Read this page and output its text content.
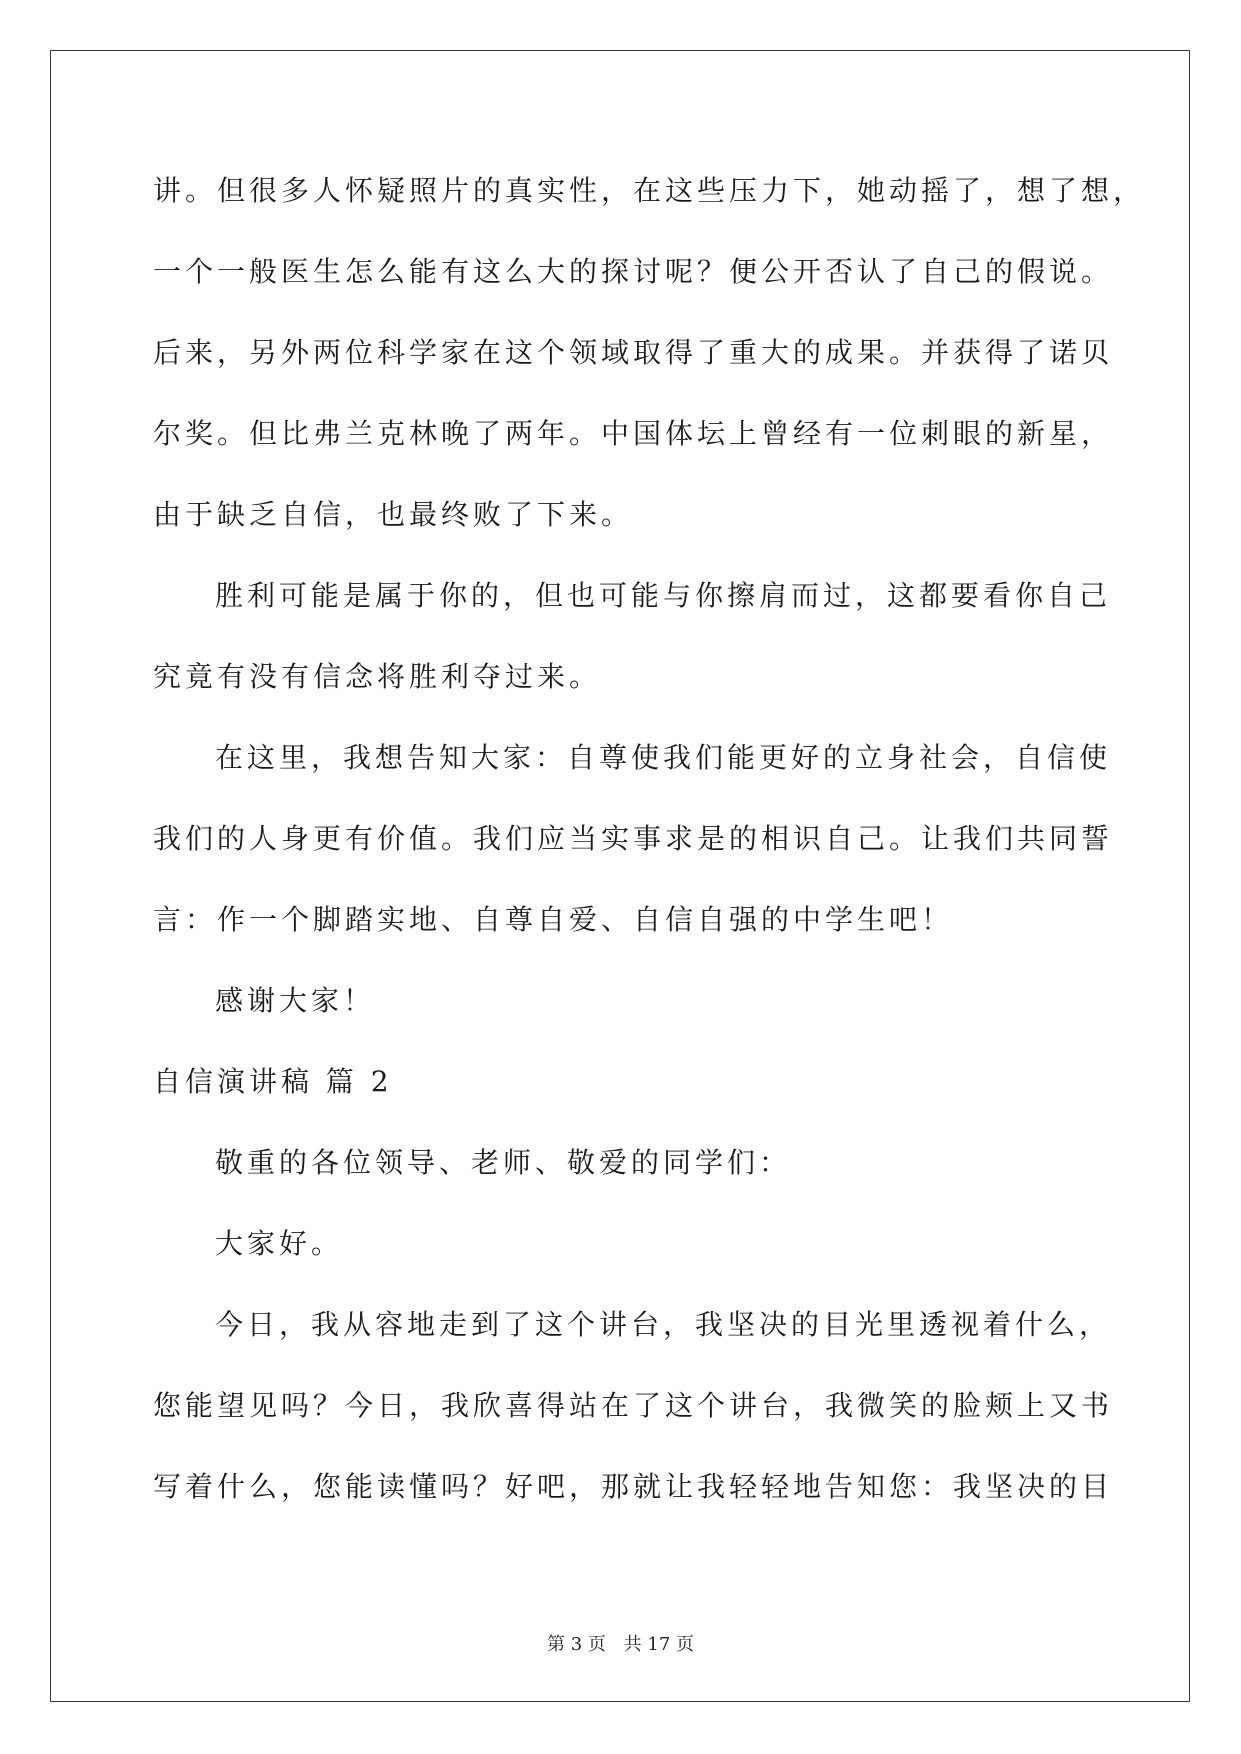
讲。但很多人怀疑照片的真实性，在这些压力下，她动摇了，想了想，
一个一般医生怎么能有这么大的探讨呢？便公开否认了自己的假说。
后来，另外两位科学家在这个领域取得了重大的成果。并获得了诺贝
尔奖。但比弗兰克林晚了两年。中国体坛上曾经有一位刺眼的新星，
由于缺乏自信，也最终败了下来。
胜利可能是属于你的，但也可能与你擦肩而过，这都要看你自己
究竟有没有信念将胜利夺过来。
在这里，我想告知大家：自尊使我们能更好的立身社会，自信使
我们的人身更有价值。我们应当实事求是的相识自己。让我们共同誓
言：作一个脚踏实地、自尊自爱、自信自强的中学生吧！
感谢大家！
自信演讲稿 篇 2
敬重的各位领导、老师、敬爱的同学们：
大家好。
今日，我从容地走到了这个讲台，我坚决的目光里透视着什么，
您能望见吗？今日，我欣喜得站在了这个讲台，我微笑的脸颊上又书
写着什么，您能读懂吗？好吧，那就让我轻轻地告知您：我坚决的目
第 3 页 共 17 页
